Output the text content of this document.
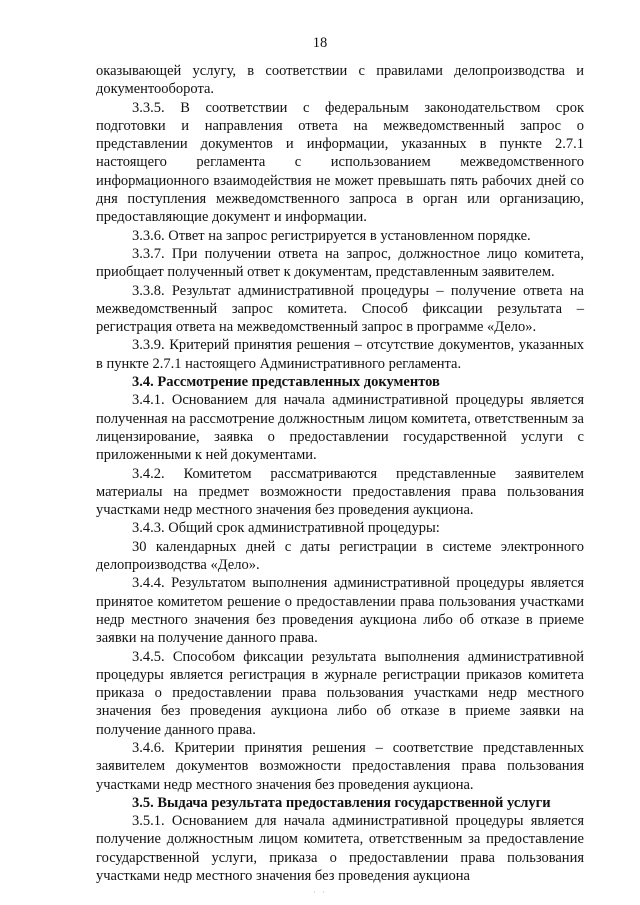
18

оказывающей услугу, в соответствии с правилами делопроизводства и документооборота.

3.3.5. В соответствии с федеральным законодательством срок подготовки и направления ответа на межведомственный запрос о представлении документов и информации, указанных в пункте 2.7.1 настоящего регламента с использованием межведомственного информационного взаимодействия не может превышать пять рабочих дней со дня поступления межведомственного запроса в орган или организацию, предоставляющие документ и информации.

3.3.6. Ответ на запрос регистрируется в установленном порядке.

3.3.7. При получении ответа на запрос, должностное лицо комитета, приобщает полученный ответ к документам, представленным заявителем.

3.3.8. Результат административной процедуры – получение ответа на межведомственный запрос комитета. Способ фиксации результата – регистрация ответа на межведомственный запрос в программе «Дело».

3.3.9. Критерий принятия решения – отсутствие документов, указанных в пункте 2.7.1 настоящего Административного регламента.

3.4. Рассмотрение представленных документов

3.4.1. Основанием для начала административной процедуры является полученная на рассмотрение должностным лицом комитета, ответственным за лицензирование, заявка о предоставлении государственной услуги с приложенными к ней документами.

3.4.2. Комитетом рассматриваются представленные заявителем материалы на предмет возможности предоставления права пользования участками недр местного значения без проведения аукциона.

3.4.3. Общий срок административной процедуры:

30 календарных дней с даты регистрации в системе электронного делопроизводства «Дело».

3.4.4. Результатом выполнения административной процедуры является принятое комитетом решение о предоставлении права пользования участками недр местного значения без проведения аукциона либо об отказе в приеме заявки на получение данного права.

3.4.5. Способом фиксации результата выполнения административной процедуры является регистрация в журнале регистрации приказов комитета приказа о предоставлении права пользования участками недр местного значения без проведения аукциона либо об отказе в приеме заявки на получение данного права.

3.4.6. Критерии принятия решения – соответствие представленных заявителем документов возможности предоставления права пользования участками недр местного значения без проведения аукциона.

3.5. Выдача результата предоставления государственной услуги

3.5.1. Основанием для начала административной процедуры является получение должностным лицом комитета, ответственным за предоставление государственной услуги, приказа о предоставлении права пользования участками недр местного значения без проведения аукциона

· ·
